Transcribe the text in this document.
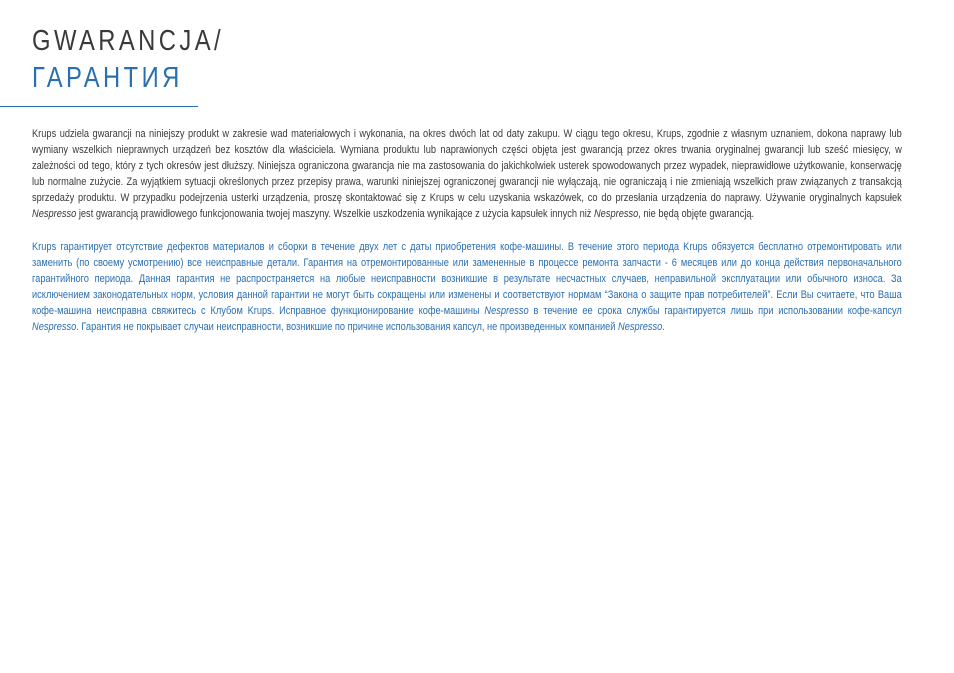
GWARANCJA/
ГАРАНТИЯ

Krups udziela gwarancji na niniejszy produkt w zakresie wad materiałowych i wykonania, na okres dwóch lat od daty zakupu. W ciągu tego okresu, Krups, zgodnie z własnym uznaniem, dokona naprawy lub wymiany wszelkich nieprawnych urządzeń bez kosztów dla właściciela. Wymiana produktu lub naprawionych części objęta jest gwarancją przez okres trwania oryginalnej gwarancji lub sześć miesięcy, w zależności od tego, który z tych okresów jest dłuższy. Niniejsza ograniczona gwarancja nie ma zastosowania do jakichkolwiek usterek spowodowanych przez wypadek, nieprawidłowe użytkowanie, konserwację lub normalne zużycie. Za wyjątkiem sytuacji określonych przez przepisy prawa, warunki niniejszej ograniczonej gwarancji nie wyłączają, nie ograniczają i nie zmieniają wszelkich praw związanych z transakcją sprzedaży produktu. W przypadku podejrzenia usterki urządzenia, proszę skontaktować się z Krups w celu uzyskania wskazówek, co do przesłania urządzenia do naprawy. Używanie oryginalnych kapsułek Nespresso jest gwarancją prawidłowego funkcjonowania twojej maszyny. Wszelkie uszkodzenia wynikające z użycia kapsułek innych niż Nespresso, nie będą objęte gwarancją.

Krups гарантирует отсутствие дефектов материалов и сборки в течение двух лет с даты приобретения кофе-машины. В течение этого периода Krups обязуется бесплатно отремонтировать или заменить (по своему усмотрению) все неисправные детали. Гарантия на отремонтированные или замененные в процессе ремонта запчасти - 6 месяцев или до конца действия первоначального гарантийного периода. Данная гарантия не распространяется на любые неисправности возникшие в результате несчастных случаев, неправильной эксплуатации или обычного износа. За исключением законодательных норм, условия данной гарантии не могут быть сокращены или изменены и соответствуют нормам “Закона о защите прав потребителей”. Если Вы считаете, что Ваша кофе-машина неисправна свяжитесь с Клубом Krups. Исправное функционирование кофе-машины Nespresso в течение ее срока службы гарантируется лишь при использовании кофе-капсул Nespresso. Гарантия не покрывает случаи неисправности, возникшие по причине использования капсул, не произведенных компанией Nespresso.
